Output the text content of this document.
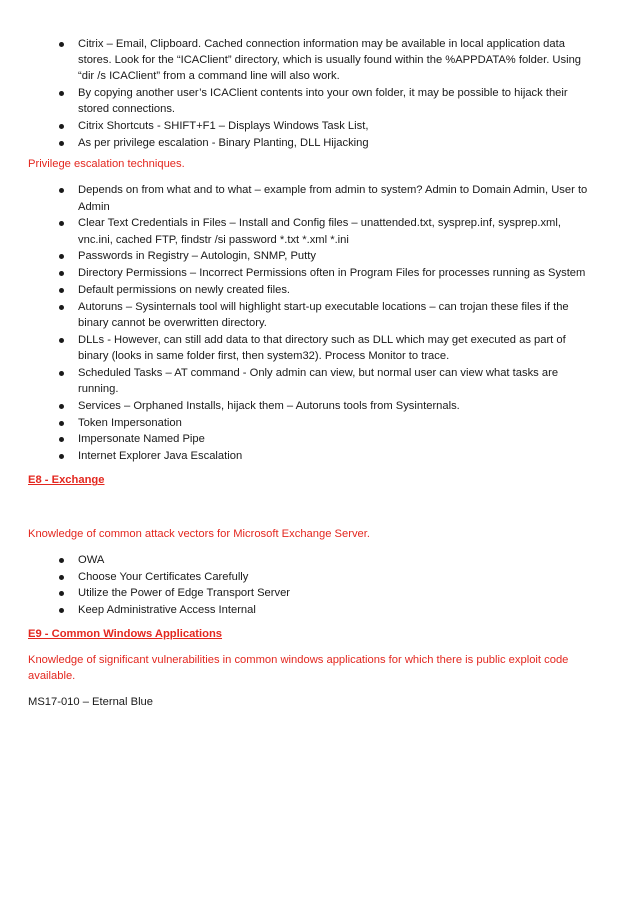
Citrix – Email, Clipboard. Cached connection information may be available in local application data stores. Look for the “ICAClient” directory, which is usually found within the %APPDATA% folder. Using “dir /s ICAClient” from a command line will also work.
By copying another user’s ICAClient contents into your own folder, it may be possible to hijack their stored connections.
Citrix Shortcuts - SHIFT+F1 – Displays Windows Task List,
As per privilege escalation - Binary Planting, DLL Hijacking

Privilege escalation techniques.

Depends on from what and to what – example from admin to system? Admin to Domain Admin, User to Admin
Clear Text Credentials in Files – Install and Config files – unattended.txt, sysprep.inf, sysprep.xml, vnc.ini, cached FTP, findstr /si password *.txt *.xml *.ini
Passwords in Registry – Autologin, SNMP, Putty
Directory Permissions – Incorrect Permissions often in Program Files for processes running as System
Default permissions on newly created files.
Autoruns – Sysinternals tool will highlight start-up executable locations – can trojan these files if the binary cannot be overwritten directory.
DLLs - However, can still add data to that directory such as DLL which may get executed as part of binary (looks in same folder first, then system32). Process Monitor to trace.
Scheduled Tasks – AT command - Only admin can view, but normal user can view what tasks are running.
Services – Orphaned Installs, hijack them – Autoruns tools from Sysinternals.
Token Impersonation
Impersonate Named Pipe
Internet Explorer Java Escalation

E8 - Exchange

Knowledge of common attack vectors for Microsoft Exchange Server.

OWA
Choose Your Certificates Carefully
Utilize the Power of Edge Transport Server
Keep Administrative Access Internal

E9 - Common Windows Applications

Knowledge of significant vulnerabilities in common windows applications for which there is public exploit code available.

MS17-010 – Eternal Blue
